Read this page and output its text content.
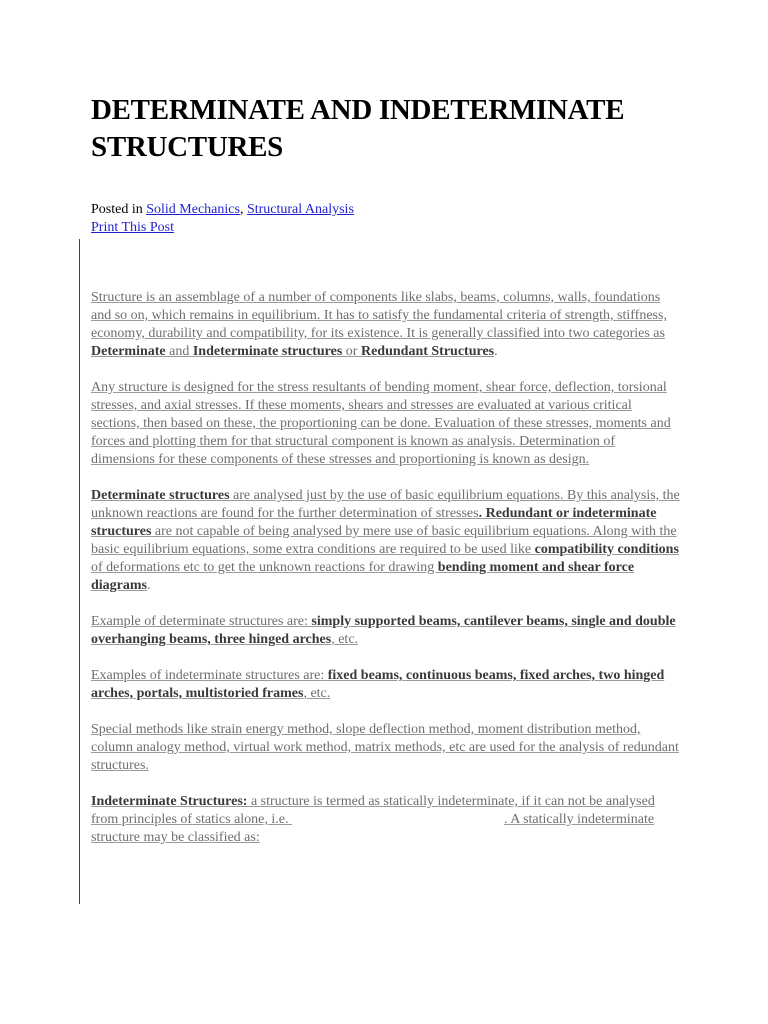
DETERMINATE AND INDETERMINATE STRUCTURES
Posted in Solid Mechanics, Structural Analysis
Print This Post

Structure is an assemblage of a number of components like slabs, beams, columns, walls, foundations and so on, which remains in equilibrium. It has to satisfy the fundamental criteria of strength, stiffness, economy, durability and compatibility, for its existence. It is generally classified into two categories as Determinate and Indeterminate structures or Redundant Structures.

Any structure is designed for the stress resultants of bending moment, shear force, deflection, torsional stresses, and axial stresses. If these moments, shears and stresses are evaluated at various critical sections, then based on these, the proportioning can be done. Evaluation of these stresses, moments and forces and plotting them for that structural component is known as analysis. Determination of dimensions for these components of these stresses and proportioning is known as design.

Determinate structures are analysed just by the use of basic equilibrium equations. By this analysis, the unknown reactions are found for the further determination of stresses. Redundant or indeterminate structures are not capable of being analysed by mere use of basic equilibrium equations. Along with the basic equilibrium equations, some extra conditions are required to be used like compatibility conditions of deformations etc to get the unknown reactions for drawing bending moment and shear force diagrams.

Example of determinate structures are: simply supported beams, cantilever beams, single and double overhanging beams, three hinged arches, etc.

Examples of indeterminate structures are: fixed beams, continuous beams, fixed arches, two hinged arches, portals, multistoried frames, etc.

Special methods like strain energy method, slope deflection method, moment distribution method, column analogy method, virtual work method, matrix methods, etc are used for the analysis of redundant structures.

Indeterminate Structures: a structure is termed as statically indeterminate, if it can not be analysed from principles of statics alone, i.e.	. A statically indeterminate structure may be classified as:
